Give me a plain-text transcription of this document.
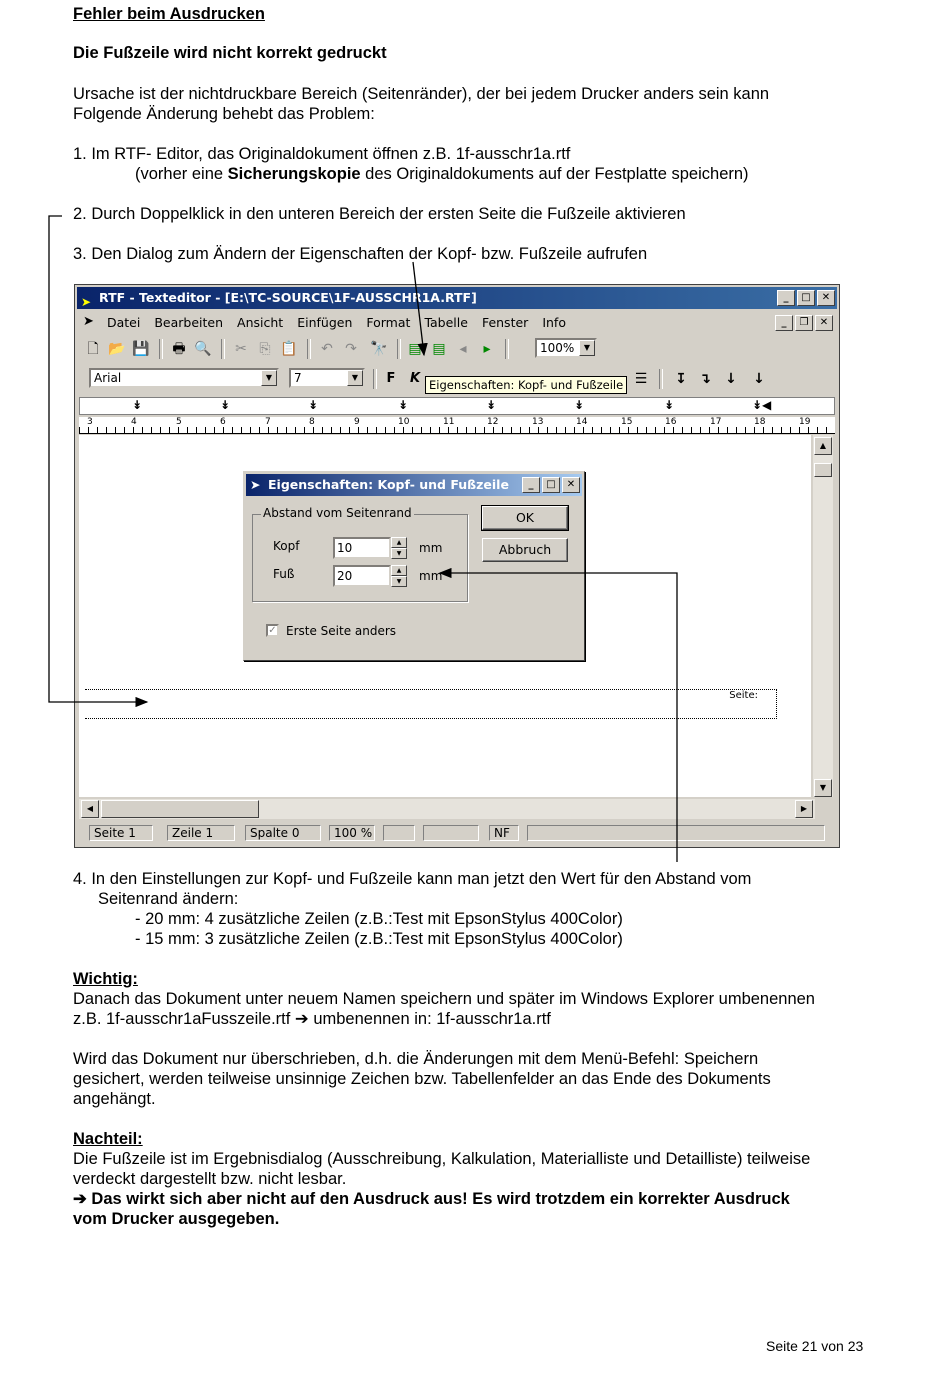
Fehler beim Ausdrucken
Die Fußzeile wird nicht korrekt gedruckt
Ursache ist der nichtdruckbare Bereich (Seitenränder), der bei jedem Drucker anders sein kann
Folgende Änderung behebt das Problem:
1. Im RTF- Editor, das Originaldokument öffnen z.B. 1f-ausschr1a.rtf
(vorher eine Sicherungskopie des Originaldokuments auf der Festplatte speichern)
2. Durch Doppelklick in den unteren Bereich der ersten Seite die Fußzeile aktivieren
3. Den Dialog zum Ändern der Eigenschaften der Kopf- bzw. Fußzeile aufrufen
➤ RTF - Texteditor - [E:\TC-SOURCE\1F-AUSSCHR1A.RTF]	_	□	✕
➤ Datei Bearbeiten Ansicht Einfügen Format Tabelle Fenster Info	_	❐	✕
🗋 📂 💾 🖶 🔍 ✂ ⎘ 📋 ↶ ↷ 🔭 ▤ ▤ ◂	▸	100%	▼
Arial	▼	7	▼	F	K	☰ ↧ ↴ ↓ ↓
Eigenschaften: Kopf- und Fußzeile
↡	↡	↡	↡	↡	↡	↡	↡◀
3	4	5	6	7	8	9	10	11	12	13	14	15	16	17	18	19
Seite:
▲
▼
◀	▶
Seite 1	Zeile 1	Spalte 0	100 %	NF
➤ Eigenschaften: Kopf- und Fußzeile	_	□	✕
Abstand vom Seitenrand
Kopf	10	▲
▼	mm
Fuß	20	▲
▼	mm
OK
Abbruch
✓ Erste Seite anders
4. In den Einstellungen zur Kopf- und Fußzeile kann man jetzt den Wert für den Abstand vom
Seitenrand ändern:
- 20 mm: 4 zusätzliche Zeilen (z.B.:Test mit EpsonStylus 400Color)
- 15 mm: 3 zusätzliche Zeilen (z.B.:Test mit EpsonStylus 400Color)
Wichtig:
Danach das Dokument unter neuem Namen speichern und später im Windows Explorer umbenennen
z.B. 1f-ausschr1aFusszeile.rtf ➔ umbenennen in: 1f-ausschr1a.rtf
Wird das Dokument nur überschrieben, d.h. die Änderungen mit dem Menü-Befehl: Speichern
gesichert, werden teilweise unsinnige Zeichen bzw. Tabellenfelder an das Ende des Dokuments
angehängt.
Nachteil:
Die Fußzeile ist im Ergebnisdialog (Ausschreibung, Kalkulation, Materialliste und Detailliste) teilweise
verdeckt dargestellt bzw. nicht lesbar.
➔ Das wirkt sich aber nicht auf den Ausdruck aus! Es wird trotzdem ein korrekter Ausdruck
vom Drucker ausgegeben.
Seite 21 von 23
